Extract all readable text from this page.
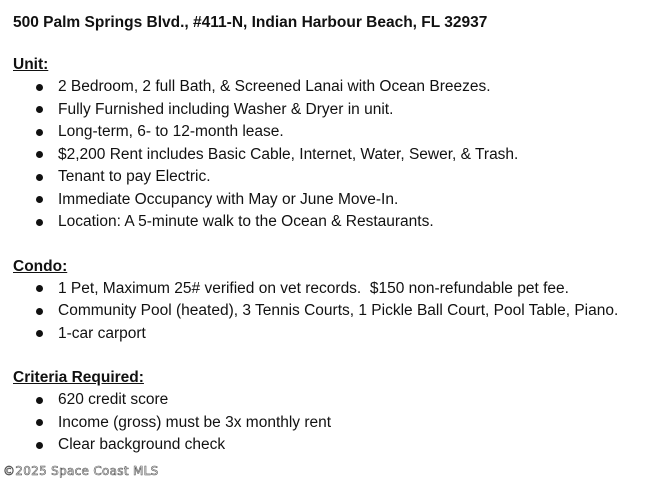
500 Palm Springs Blvd., #411-N, Indian Harbour Beach, FL 32937
Unit:
2 Bedroom, 2 full Bath, & Screened Lanai with Ocean Breezes.
Fully Furnished including Washer & Dryer in unit.
Long-term, 6- to 12-month lease.
$2,200 Rent includes Basic Cable, Internet, Water, Sewer, & Trash.
Tenant to pay Electric.
Immediate Occupancy with May or June Move-In.
Location: A 5-minute walk to the Ocean & Restaurants.
Condo:
1 Pet, Maximum 25# verified on vet records.  $150 non-refundable pet fee.
Community Pool (heated), 3 Tennis Courts, 1 Pickle Ball Court, Pool Table, Piano.
1-car carport
Criteria Required:
620 credit score
Income (gross) must be 3x monthly rent
Clear background check
©2025 Space Coast MLS
